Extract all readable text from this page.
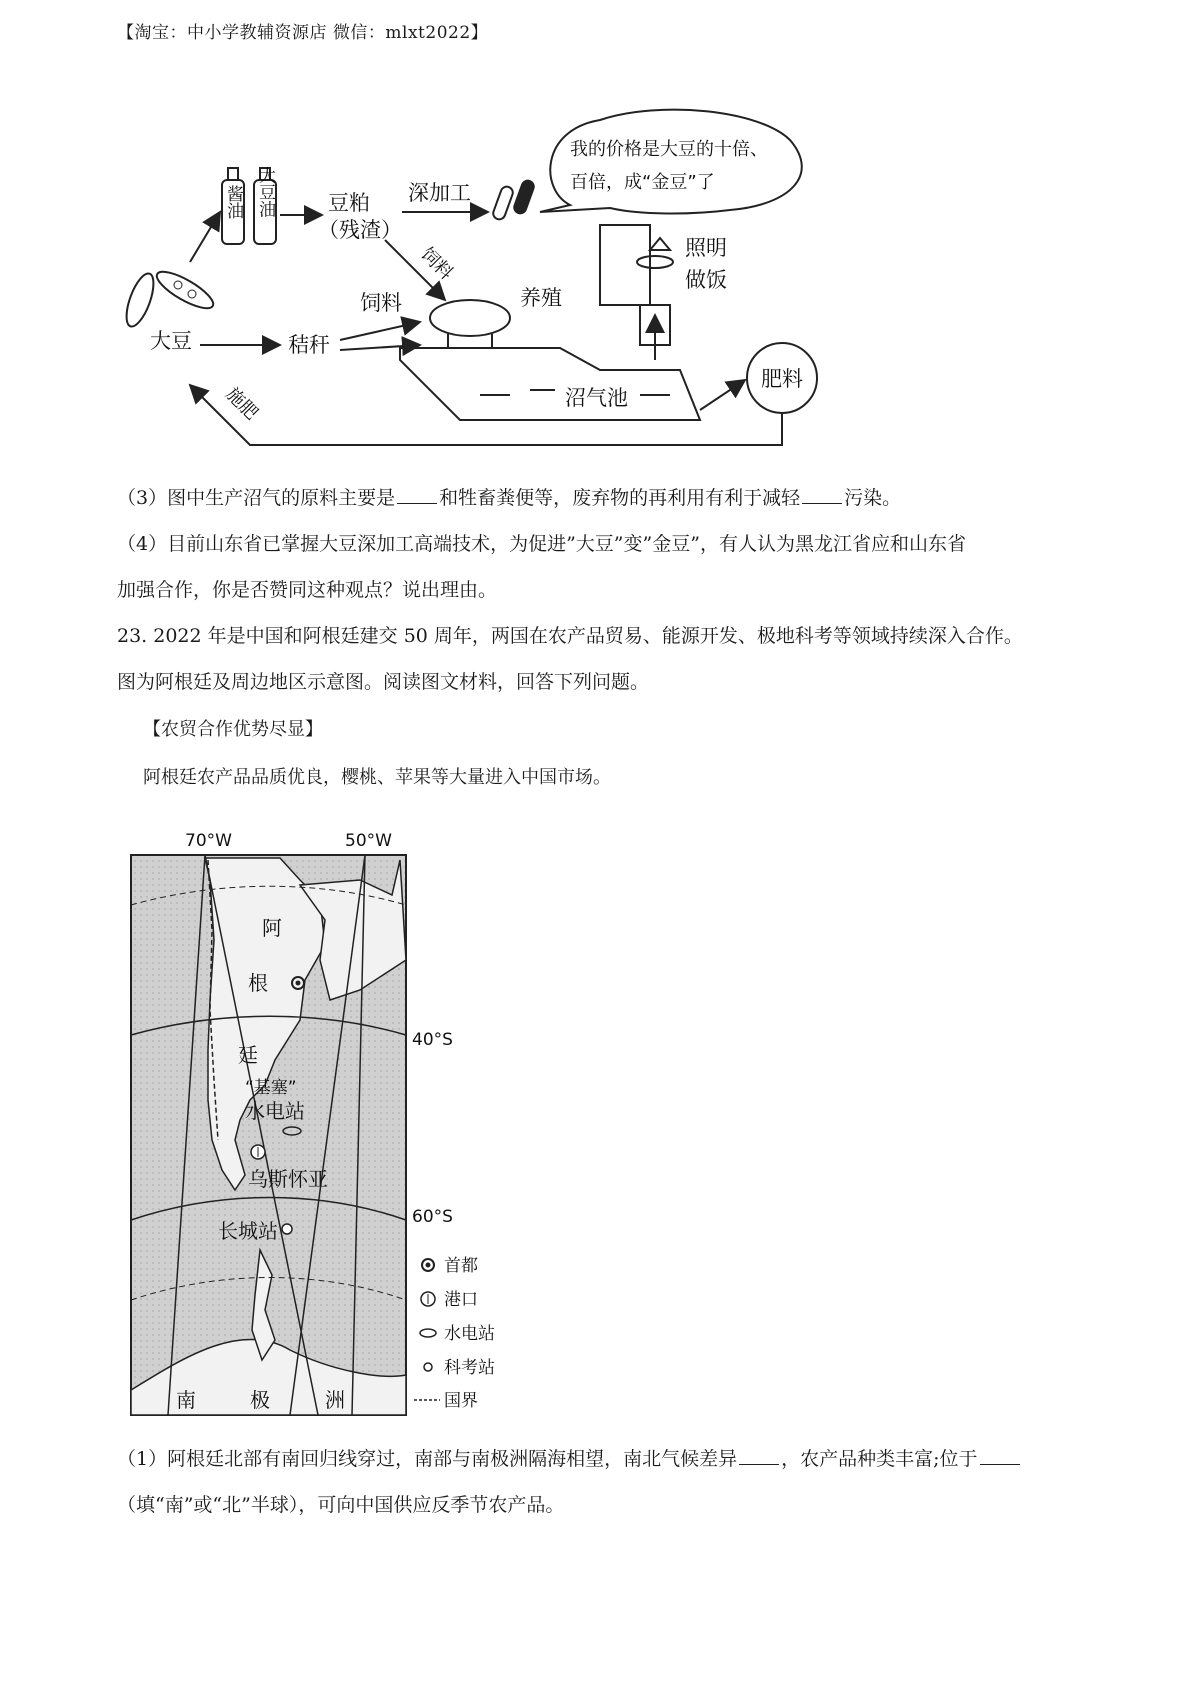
【淘宝：中小学教辅资源店 微信：mlxt2022】
酱油 大豆油
大豆
豆粕
（残渣）
深加工
我的价格是大豆的十倍、
百倍，成“金豆”了
饲料
秸秆
饲料	养殖
沼气池
照明
做饭
肥料
施肥
（3）图中生产沼气的原料主要是 和牲畜粪便等，废弃物的再利用有利于减轻 污染。
（4）目前山东省已掌握大豆深加工高端技术，为促进”大豆”变”金豆”，有人认为黑龙江省应和山东省
加强合作，你是否赞同这种观点？说出理由。
23. 2022 年是中国和阿根廷建交 50 周年，两国在农产品贸易、能源开发、极地科考等领域持续深入合作。
图为阿根廷及周边地区示意图。阅读图文材料，回答下列问题。
【农贸合作优势尽显】
阿根廷农产品品质优良，樱桃、苹果等大量进入中国市场。
70°W	50°W
40°S
60°S
阿
根
廷
“基塞”
水电站
乌斯怀亚
长城站
南	极	洲
首都
港口
水电站
科考站
国界
（1）阿根廷北部有南回归线穿过，南部与南极洲隔海相望，南北气候差异 ，农产品种类丰富;位于
（填“南”或“北”半球），可向中国供应反季节农产品。
